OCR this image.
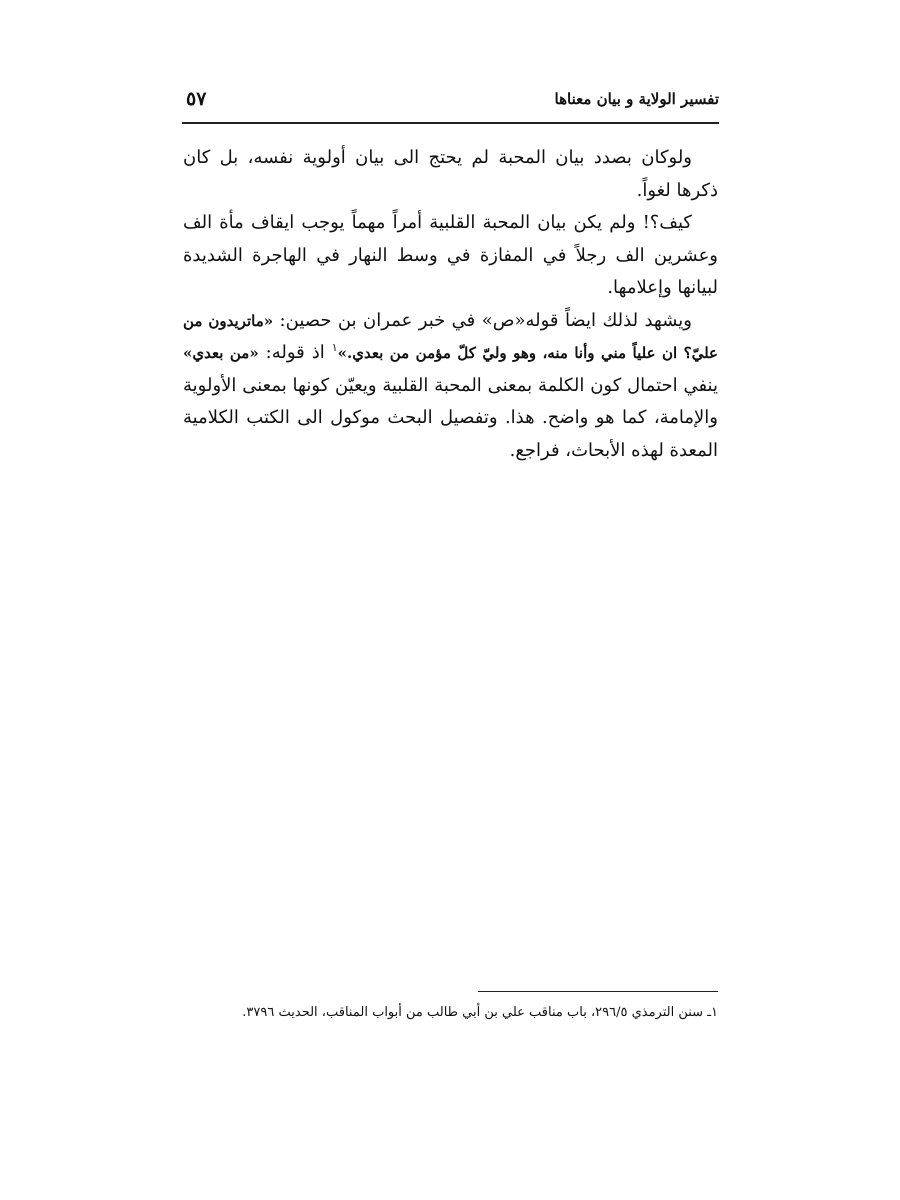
تفسير الولاية و بيان معناها
٥٧

ولوكان بصدد بيان المحبة لم يحتج الى بيان أولوية نفسه، بل كان ذكرها لغواً.

كيف؟! ولم يكن بيان المحبة القلبية أمراً مهماً يوجب ايقاف مأة الف وعشرين الف رجلاً في المفازة في وسط النهار في الهاجرة الشديدة لبيانها وإعلامها.

ويشهد لذلك ايضاً قوله«ص» في خبر عمران بن حصين: «ماتريدون من عليّ؟ ان علياً مني وأنا منه، وهو وليّ كلّ مؤمن من بعدي.»$^١$ اذ قوله: «من بعدي» ينفي احتمال كون الكلمة بمعنى المحبة القلبية ويعيّن كونها بمعنى الأولوية والإمامة، كما هو واضح. هذا. وتفصيل البحث موكول الى الكتب الكلامية المعدة لهذه الأبحاث، فراجع.

١ـ سنن الترمذي ٢٩٦/٥، باب مناقب علي بن أبي طالب من أبواب المناقب، الحديث ٣٧٩٦.
